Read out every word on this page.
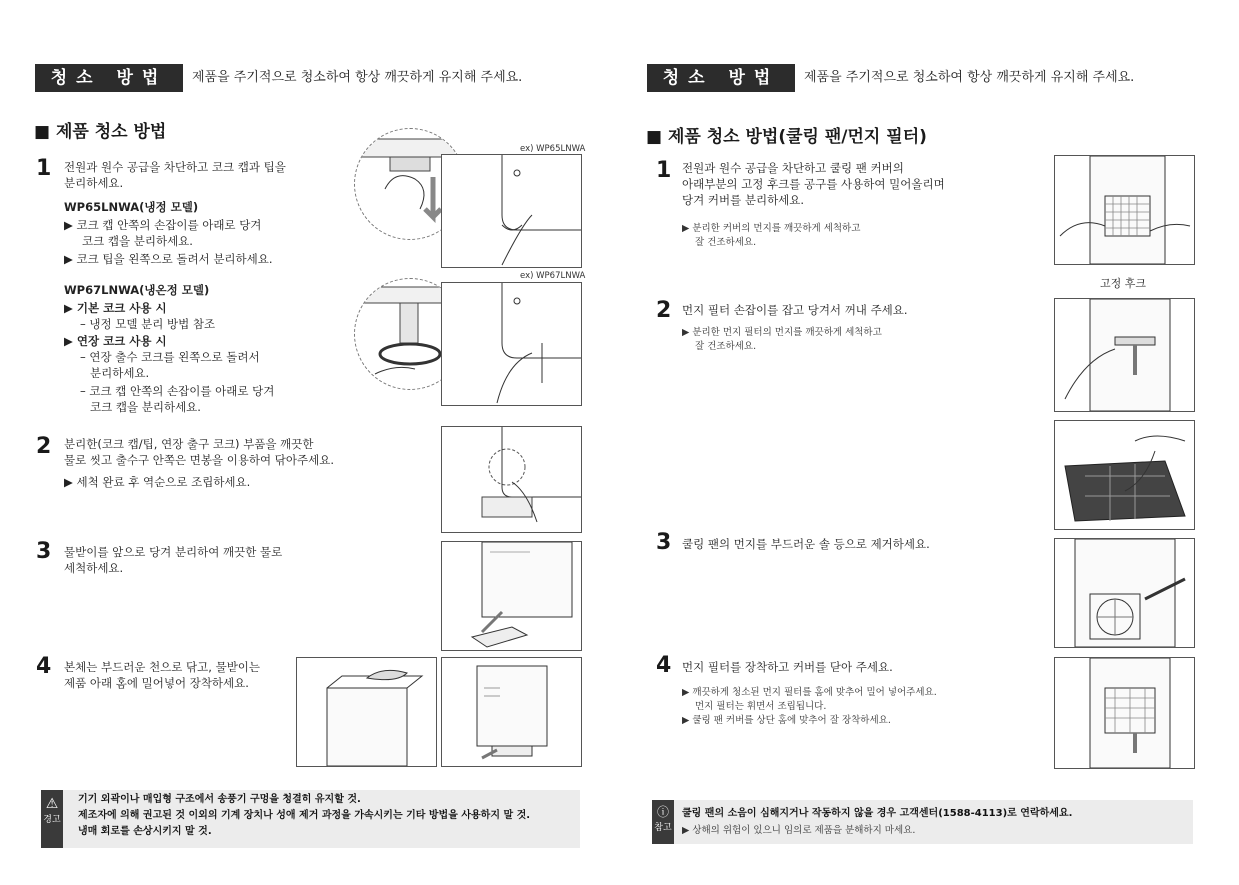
청소 방법	제품을 주기적으로 청소하여 항상 깨끗하게 유지해 주세요.
■ 제품 청소 방법
1 전원과 원수 공급을 차단하고 코크 캡과 팁을
분리하세요.
WP65LNWA(냉정 모델)
▶ 코크 캡 안쪽의 손잡이를 아래로 당겨
코크 캡을 분리하세요.
▶ 코크 팁을 왼쪽으로 돌려서 분리하세요.
WP67LNWA(냉온정 모델)
▶ 기본 코크 사용 시
– 냉정 모델 분리 방법 참조
▶ 연장 코크 사용 시
– 연장 출수 코크를 왼쪽으로 돌려서
분리하세요.
– 코크 캡 안쪽의 손잡이를 아래로 당겨
코크 캡을 분리하세요.
ex) WP65LNWA
ex) WP67LNWA
2 분리한(코크 캡/팁, 연장 출구 코크) 부품을 깨끗한
물로 씻고 출수구 안쪽은 면봉을 이용하여 닦아주세요.
▶ 세척 완료 후 역순으로 조립하세요.
3 물받이를 앞으로 당겨 분리하여 깨끗한 물로
세척하세요.
4 본체는 부드러운 천으로 닦고, 물받이는
제품 아래 홈에 밀어넣어 장착하세요.
⚠
경고
기기 외곽이나 매입형 구조에서 송풍기 구멍을 청결히 유지할 것.
제조자에 의해 권고된 것 이외의 기계 장치나 성애 제거 과정을 가속시키는 기타 방법을 사용하지 말 것.
냉매 회로를 손상시키지 말 것.
청소 방법	제품을 주기적으로 청소하여 항상 깨끗하게 유지해 주세요.
■ 제품 청소 방법(쿨링 팬/먼지 필터)
1 전원과 원수 공급을 차단하고 쿨링 팬 커버의
아래부분의 고정 후크를 공구를 사용하여 밀어올리며
당겨 커버를 분리하세요.
▶ 분리한 커버의 먼지를 깨끗하게 세척하고
잘 건조하세요.
고정 후크
2 먼지 필터 손잡이를 잡고 당겨서 꺼내 주세요.
▶ 분리한 먼지 필터의 먼지를 깨끗하게 세척하고
잘 건조하세요.
3 쿨링 팬의 먼지를 부드러운 솔 등으로 제거하세요.
4 먼지 필터를 장착하고 커버를 닫아 주세요.
▶ 깨끗하게 청소된 먼지 필터를 홈에 맞추어 밀어 넣어주세요.
먼지 필터는 휘면서 조립됩니다.
▶ 쿨링 팬 커버를 상단 홈에 맞추어 잘 장착하세요.
ⓘ
참고
쿨링 팬의 소음이 심해지거나 작동하지 않을 경우 고객센터(1588-4113)로 연락하세요.
▶ 상해의 위험이 있으니 임의로 제품을 분해하지 마세요.
